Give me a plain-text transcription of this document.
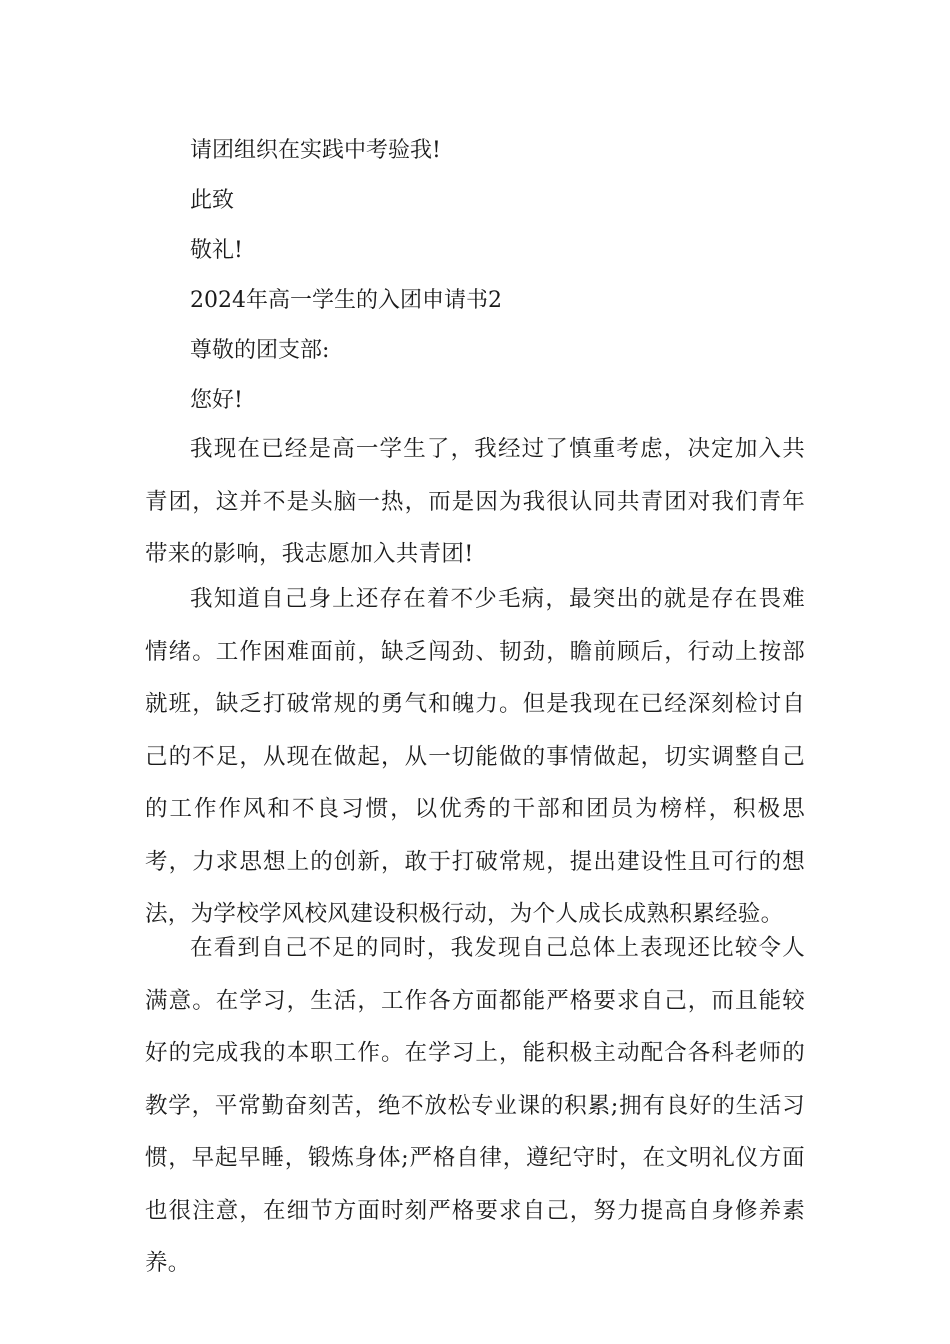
请团组织在实践中考验我!
此致
敬礼!
2024年高一学生的入团申请书2
尊敬的团支部:
您好!
我现在已经是高一学生了，我经过了慎重考虑，决定加入共青团，这并不是头脑一热，而是因为我很认同共青团对我们青年带来的影响，我志愿加入共青团!
我知道自己身上还存在着不少毛病，最突出的就是存在畏难情绪。工作困难面前，缺乏闯劲、韧劲，瞻前顾后，行动上按部就班，缺乏打破常规的勇气和魄力。但是我现在已经深刻检讨自己的不足，从现在做起，从一切能做的事情做起，切实调整自己的工作作风和不良习惯，以优秀的干部和团员为榜样，积极思考，力求思想上的创新，敢于打破常规，提出建设性且可行的想法，为学校学风校风建设积极行动，为个人成长成熟积累经验。
在看到自己不足的同时，我发现自己总体上表现还比较令人满意。在学习，生活，工作各方面都能严格要求自己，而且能较好的完成我的本职工作。在学习上，能积极主动配合各科老师的教学，平常勤奋刻苦，绝不放松专业课的积累;拥有良好的生活习惯，早起早睡，锻炼身体;严格自律，遵纪守时，在文明礼仪方面也很注意，在细节方面时刻严格要求自己，努力提高自身修养素养。
